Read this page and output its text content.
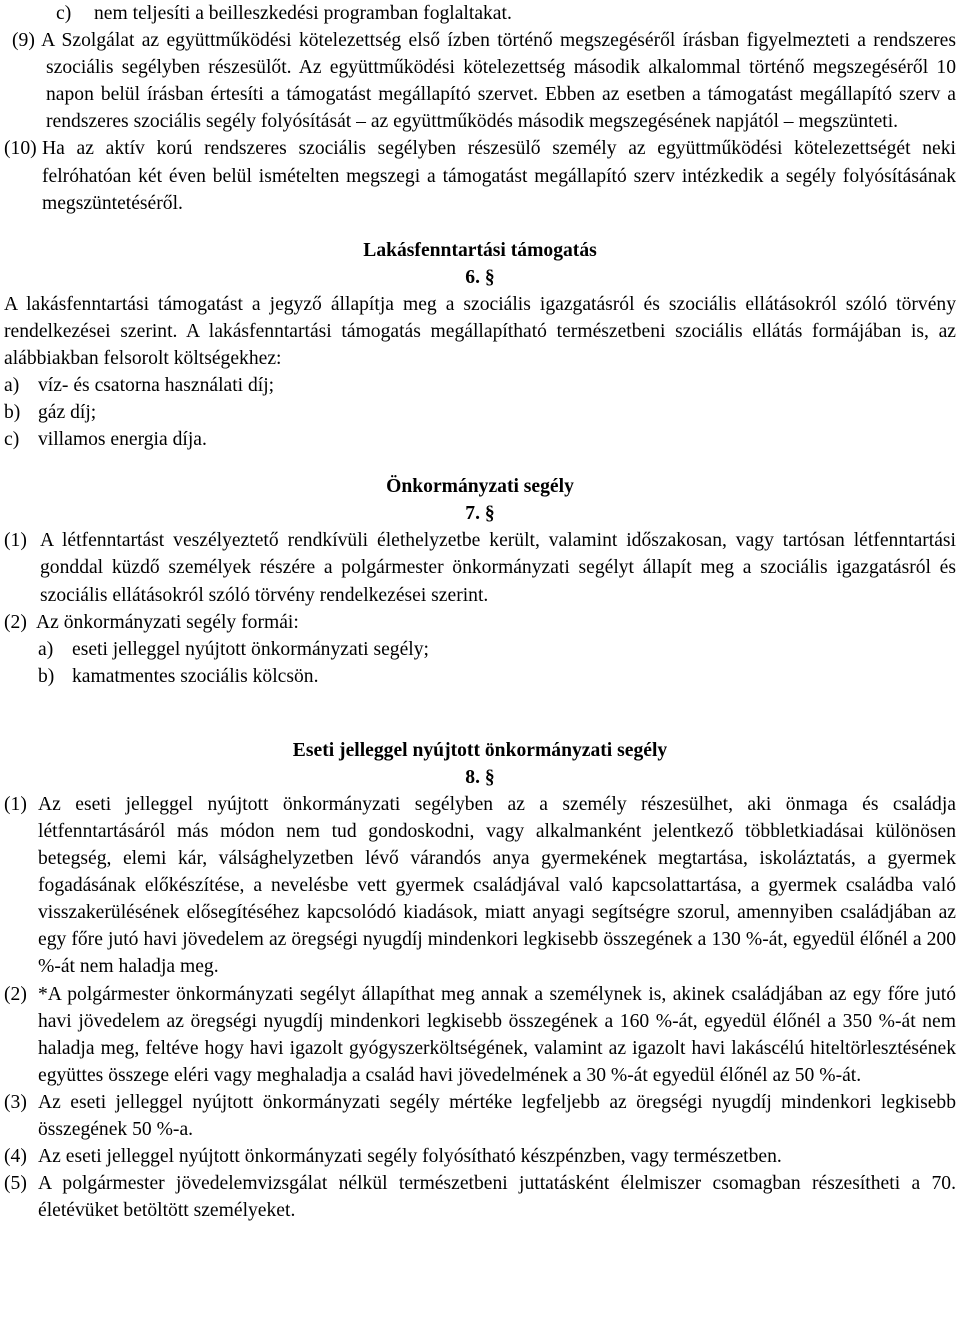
c)	nem teljesíti a beilleszkedési programban foglaltakat.
(9) A Szolgálat az együttműködési kötelezettség első ízben történő megszegéséről írásban figyelmezteti a rendszeres szociális segélyben részesülőt. Az együttműködési kötelezettség második alkalommal történő megszegéséről 10 napon belül írásban értesíti a támogatást megállapító szervet. Ebben az esetben a támogatást megállapító szerv a rendszeres szociális segély folyósítását – az együttműködés második megszegésének napjától – megszünteti.
(10) Ha az aktív korú rendszeres szociális segélyben részesülő személy az együttműködési kötelezettségét neki felróhatóan két éven belül ismételten megszegi a támogatást megállapító szerv intézkedik a segély folyósításának megszüntetéséről.
Lakásfenntartási támogatás
6. §
A lakásfenntartási támogatást a jegyző állapítja meg a szociális igazgatásról és szociális ellátásokról szóló törvény rendelkezései szerint. A lakásfenntartási támogatás megállapítható természetbeni szociális ellátás formájában is, az alábbiakban felsorolt költségekhez:
a) víz- és csatorna használati díj;
b) gáz díj;
c) villamos energia díja.
Önkormányzati segély
7. §
(1) A létfenntartást veszélyeztető rendkívüli élethelyzetbe került, valamint időszakosan, vagy tartósan létfenntartási gonddal küzdő személyek részére a polgármester önkormányzati segélyt állapít meg a szociális igazgatásról és szociális ellátásokról szóló törvény rendelkezései szerint.
(2) Az önkormányzati segély formái:
a) eseti jelleggel nyújtott önkormányzati segély;
b) kamatmentes szociális kölcsön.
Eseti jelleggel nyújtott önkormányzati segély
8. §
(1) Az eseti jelleggel nyújtott önkormányzati segélyben az a személy részesülhet, aki önmaga és családja létfenntartásáról más módon nem tud gondoskodni, vagy alkalmanként jelentkező többletkiadásai különösen betegség, elemi kár, válsághelyzetben lévő várandós anya gyermekének megtartása, iskoláztatás, a gyermek fogadásának előkészítése, a nevelésbe vett gyermek családjával való kapcsolattartása, a gyermek családba való visszakerülésének elősegítéséhez kapcsolódó kiadások, miatt anyagi segítségre szorul, amennyiben családjában az egy főre jutó havi jövedelem az öregségi nyugdíj mindenkori legkisebb összegének a 130 %-át, egyedül élőnél a 200 %-át nem haladja meg.
(2) *A polgármester önkormányzati segélyt állapíthat meg annak a személynek is, akinek családjában az egy főre jutó havi jövedelem az öregségi nyugdíj mindenkori legkisebb összegének a 160 %-át, egyedül élőnél a 350 %-át nem haladja meg, feltéve hogy havi igazolt gyógyszerköltségének, valamint az igazolt havi lakáscélú hiteltörlesztésének együttes összege eléri vagy meghaladja a család havi jövedelmének a 30 %-át egyedül élőnél az 50 %-át.
(3) Az eseti jelleggel nyújtott önkormányzati segély mértéke legfeljebb az öregségi nyugdíj mindenkori legkisebb összegének 50 %-a.
(4) Az eseti jelleggel nyújtott önkormányzati segély folyósítható készpénzben, vagy természetben.
(5) A polgármester jövedelemvizsgálat nélkül természetbeni juttatásként élelmiszer csomagban részesítheti a 70. életévüket betöltött személyeket.
